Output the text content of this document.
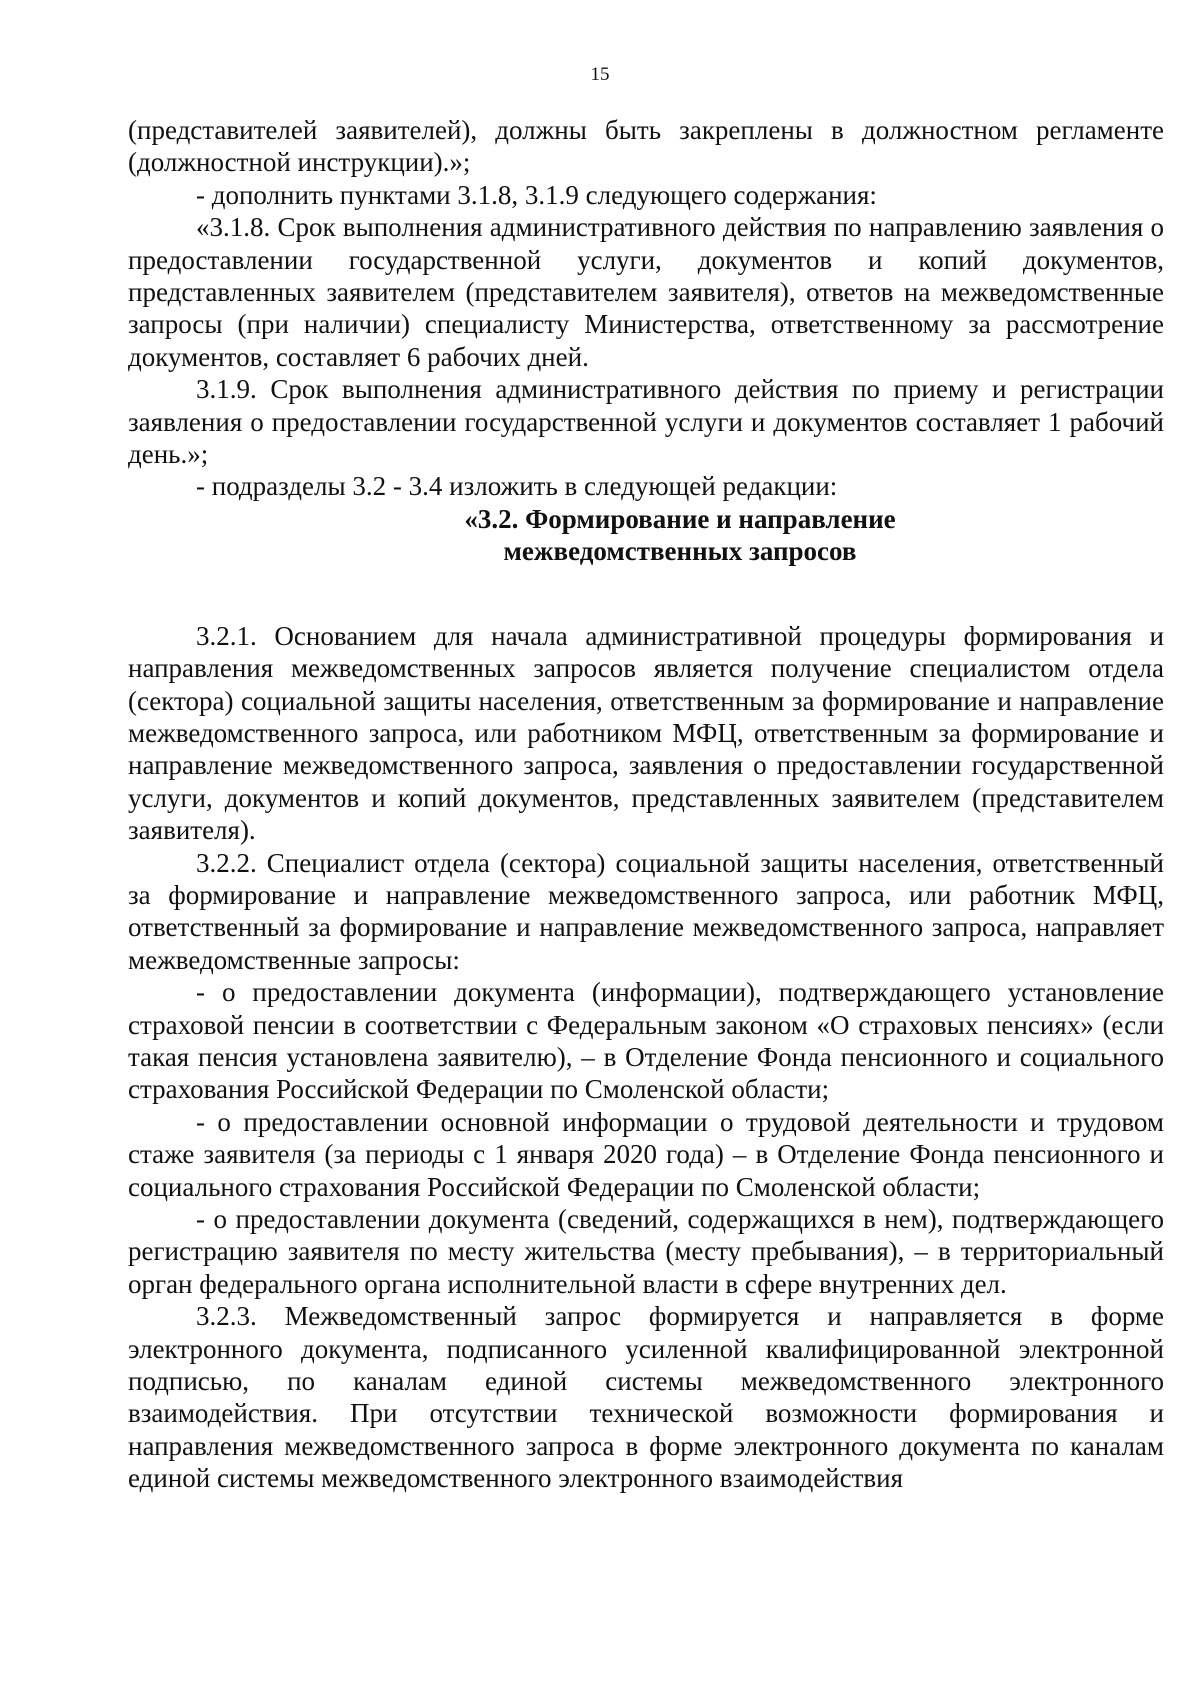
15

(представителей заявителей), должны быть закреплены в должностном регламенте (должностной инструкции).»;

- дополнить пунктами 3.1.8, 3.1.9 следующего содержания:

«3.1.8. Срок выполнения административного действия по направлению заявления о предоставлении государственной услуги, документов и копий документов, представленных заявителем (представителем заявителя), ответов на межведомственные запросы (при наличии) специалисту Министерства, ответственному за рассмотрение документов, составляет 6 рабочих дней.

3.1.9. Срок выполнения административного действия по приему и регистрации заявления о предоставлении государственной услуги и документов составляет 1 рабочий день.»;

- подразделы 3.2 - 3.4 изложить в следующей редакции:

«3.2. Формирование и направление

межведомственных запросов

3.2.1. Основанием для начала административной процедуры формирования и направления межведомственных запросов является получение специалистом отдела (сектора) социальной защиты населения, ответственным за формирование и направление межведомственного запроса, или работником МФЦ, ответственным за формирование и направление межведомственного запроса, заявления о предоставлении государственной услуги, документов и копий документов, представленных заявителем (представителем заявителя).

3.2.2. Специалист отдела (сектора) социальной защиты населения, ответственный за формирование и направление межведомственного запроса, или работник МФЦ, ответственный за формирование и направление межведомственного запроса, направляет межведомственные запросы:

- о предоставлении документа (информации), подтверждающего установление страховой пенсии в соответствии с Федеральным законом «О страховых пенсиях» (если такая пенсия установлена заявителю), – в Отделение Фонда пенсионного и социального страхования Российской Федерации по Смоленской области;

- о предоставлении основной информации о трудовой деятельности и трудовом стаже заявителя (за периоды с 1 января 2020 года) – в Отделение Фонда пенсионного и социального страхования Российской Федерации по Смоленской области;

- о предоставлении документа (сведений, содержащихся в нем), подтверждающего регистрацию заявителя по месту жительства (месту пребывания), – в территориальный орган федерального органа исполнительной власти в сфере внутренних дел.

3.2.3. Межведомственный запрос формируется и направляется в форме электронного документа, подписанного усиленной квалифицированной электронной подписью, по каналам единой системы межведомственного электронного взаимодействия. При отсутствии технической возможности формирования и направления межведомственного запроса в форме электронного документа по каналам единой системы межведомственного электронного взаимодействия
